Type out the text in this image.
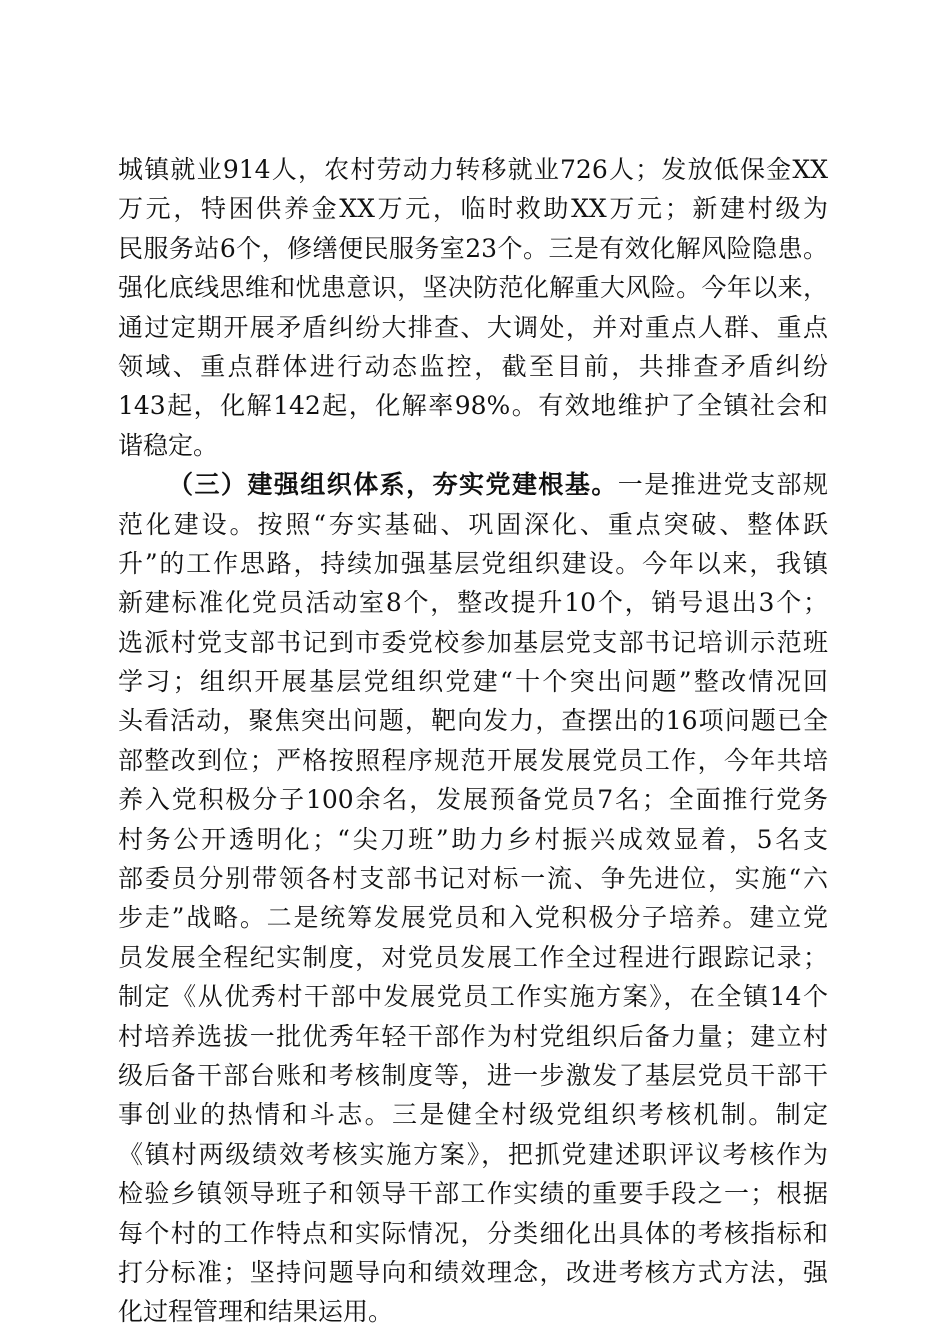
城镇就业914人，农村劳动力转移就业726人；发放低保金XX
万元，特困供养金XX万元，临时救助XX万元；新建村级为
民服务站6个，修缮便民服务室23个。三是有效化解风险隐患。
强化底线思维和忧患意识，坚决防范化解重大风险。今年以来，
通过定期开展矛盾纠纷大排查、大调处，并对重点人群、重点
领域、重点群体进行动态监控，截至目前，共排查矛盾纠纷
143起，化解142起，化解率98%。有效地维护了全镇社会和
谐稳定。
（三）建强组织体系，夯实党建根基。一是推进党支部规
范化建设。按照“夯实基础、巩固深化、重点突破、整体跃
升”的工作思路，持续加强基层党组织建设。今年以来，我镇
新建标准化党员活动室8个，整改提升10个，销号退出3个；
选派村党支部书记到市委党校参加基层党支部书记培训示范班
学习；组织开展基层党组织党建“十个突出问题”整改情况回
头看活动，聚焦突出问题，靶向发力，查摆出的16项问题已全
部整改到位；严格按照程序规范开展发展党员工作，今年共培
养入党积极分子100余名，发展预备党员7名；全面推行党务
村务公开透明化；“尖刀班”助力乡村振兴成效显着，5名支
部委员分别带领各村支部书记对标一流、争先进位，实施“六
步走”战略。二是统筹发展党员和入党积极分子培养。建立党
员发展全程纪实制度，对党员发展工作全过程进行跟踪记录；
制定《从优秀村干部中发展党员工作实施方案》，在全镇14个
村培养选拔一批优秀年轻干部作为村党组织后备力量；建立村
级后备干部台账和考核制度等，进一步激发了基层党员干部干
事创业的热情和斗志。三是健全村级党组织考核机制。制定
《镇村两级绩效考核实施方案》，把抓党建述职评议考核作为
检验乡镇领导班子和领导干部工作实绩的重要手段之一；根据
每个村的工作特点和实际情况，分类细化出具体的考核指标和
打分标准；坚持问题导向和绩效理念，改进考核方式方法，强
化过程管理和结果运用。
